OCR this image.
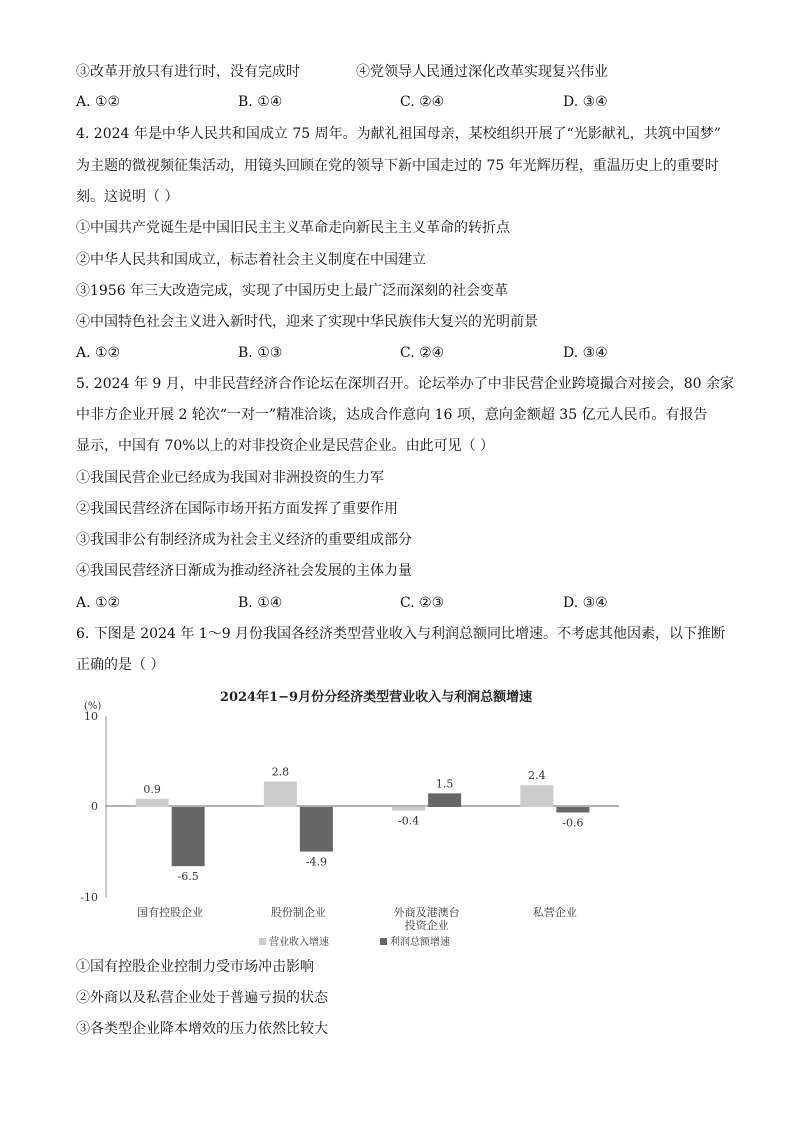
③改革开放只有进行时，没有完成时	④党领导人民通过深化改革实现复兴伟业
A. ①②	B. ①④	C. ②④	D. ③④
4. 2024 年是中华人民共和国成立 75 周年。为献礼祖国母亲，某校组织开展了“光影献礼，共筑中国梦”
为主题的微视频征集活动，用镜头回顾在党的领导下新中国走过的 75 年光辉历程，重温历史上的重要时
刻。这说明（ ）
①中国共产党诞生是中国旧民主主义革命走向新民主主义革命的转折点
②中华人民共和国成立，标志着社会主义制度在中国建立
③1956 年三大改造完成，实现了中国历史上最广泛而深刻的社会变革
④中国特色社会主义进入新时代，迎来了实现中华民族伟大复兴的光明前景
A. ①②	B. ①③	C. ②④	D. ③④
5. 2024 年 9 月，中非民营经济合作论坛在深圳召开。论坛举办了中非民营企业跨境撮合对接会，80 余家
中非方企业开展 2 轮次“一对一”精准洽谈，达成合作意向 16 项，意向金额超 35 亿元人民币。有报告
显示，中国有 70%以上的对非投资企业是民营企业。由此可见（ ）
①我国民营企业已经成为我国对非洲投资的生力军
②我国民营经济在国际市场开拓方面发挥了重要作用
③我国非公有制经济成为社会主义经济的重要组成部分
④我国民营经济日渐成为推动经济社会发展的主体力量
A. ①②	B. ①④	C. ②③	D. ③④
6. 下图是 2024 年 1～9 月份我国各经济类型营业收入与利润总额同比增速。不考虑其他因素，以下推断
正确的是（ ）
2024年1−9月份分经济类型营业收入与利润总额增速
(%)
10
0
-10
0.9
-6.5
2.8
-4.9
-0.4
1.5
2.4
-0.6
国有控股企业	股份制企业	外商及港澳台
投资企业
私营企业
营业收入增速	利润总额增速
①国有控股企业控制力受市场冲击影响
②外商以及私营企业处于普遍亏损的状态
③各类型企业降本增效的压力依然比较大
